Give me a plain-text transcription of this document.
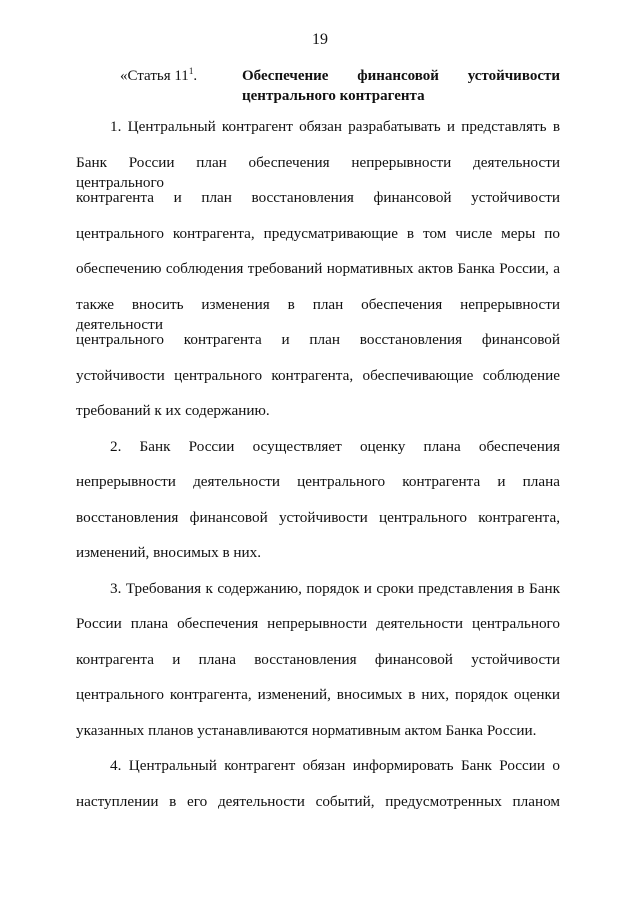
19
«Статья $11^1$.	Обеспечение финансовой устойчивости
центрального контрагента
1. Центральный контрагент обязан разрабатывать и представлять в
Банк России план обеспечения непрерывности деятельности центрального
контрагента и план восстановления финансовой устойчивости
центрального контрагента, предусматривающие в том числе меры по
обеспечению соблюдения требований нормативных актов Банка России, а
также вносить изменения в план обеспечения непрерывности деятельности
центрального контрагента и план восстановления финансовой
устойчивости центрального контрагента, обеспечивающие соблюдение
требований к их содержанию.
2. Банк России осуществляет оценку плана обеспечения
непрерывности деятельности центрального контрагента и плана
восстановления финансовой устойчивости центрального контрагента,
изменений, вносимых в них.
3. Требования к содержанию, порядок и сроки представления в Банк
России плана обеспечения непрерывности деятельности центрального
контрагента и плана восстановления финансовой устойчивости
центрального контрагента, изменений, вносимых в них, порядок оценки
указанных планов устанавливаются нормативным актом Банка России.
4. Центральный контрагент обязан информировать Банк России о
наступлении в его деятельности событий, предусмотренных планом
